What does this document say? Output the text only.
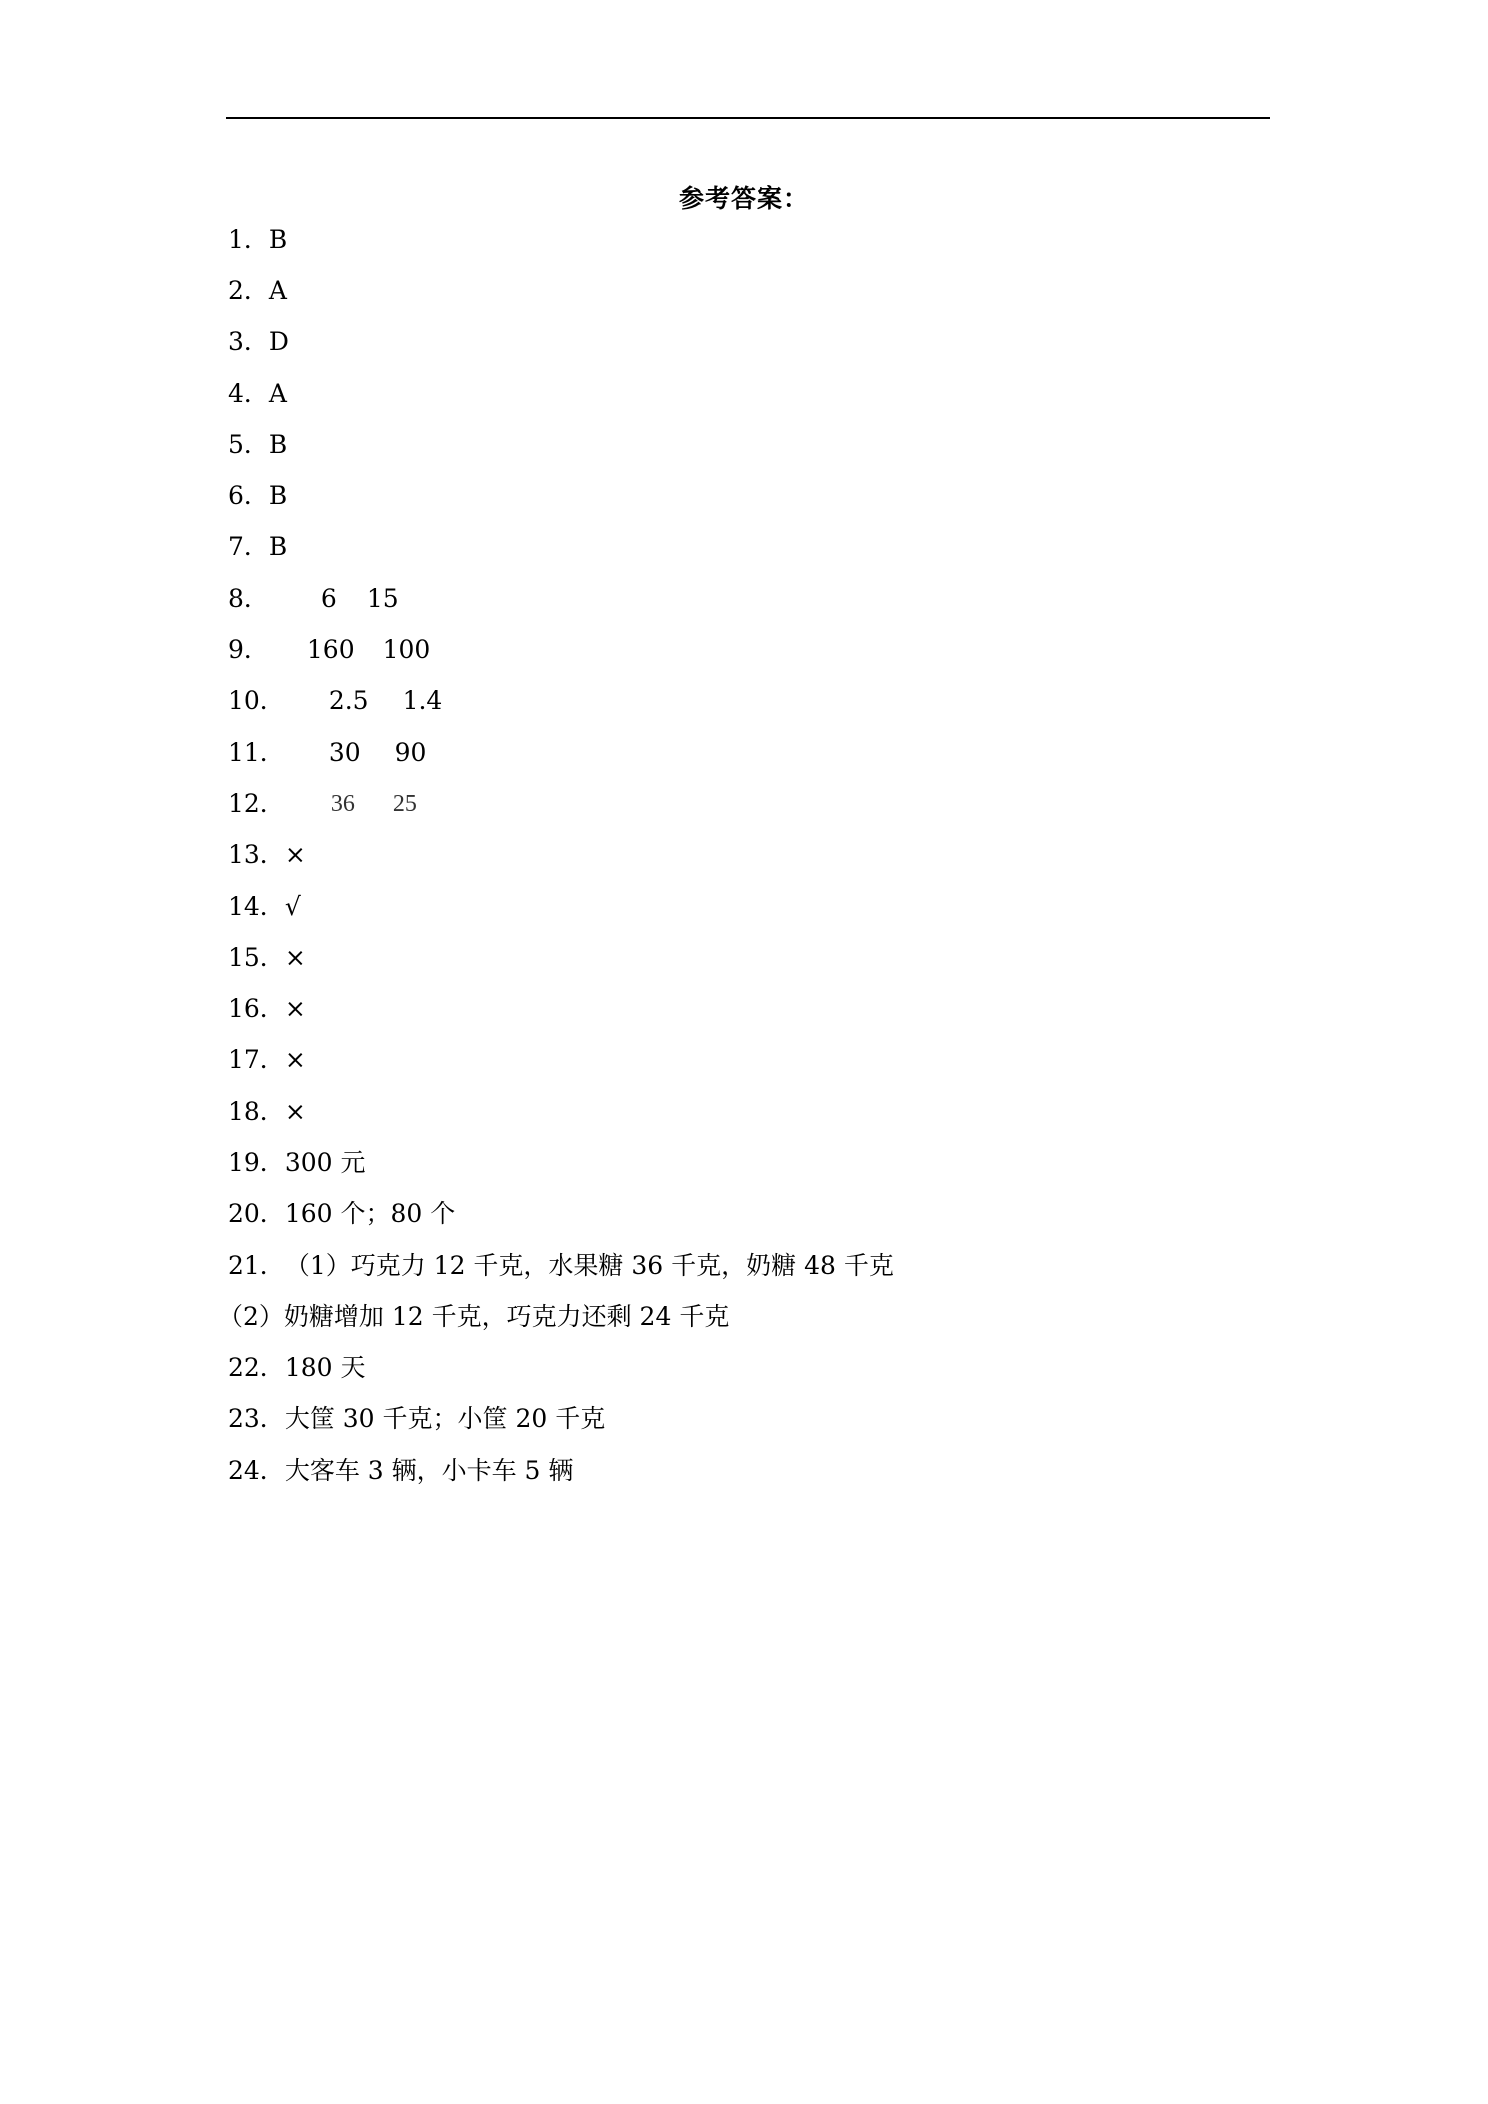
参考答案：
1． B
2． A
3． D
4． A
5． B
6． B
7． B
8． 6 15
9． 160 100
10． 2.5 1.4
11． 30 90
12． 36 25
13． ×
14． √
15． ×
16． ×
17． ×
18． ×
19． 300 元
20． 160 个；80 个
21． （1）巧克力 12 千克，水果糖 36 千克，奶糖 48 千克
（2）奶糖增加 12 千克，巧克力还剩 24 千克
22． 180 天
23． 大筐 30 千克；小筐 20 千克
24． 大客车 3 辆，小卡车 5 辆
